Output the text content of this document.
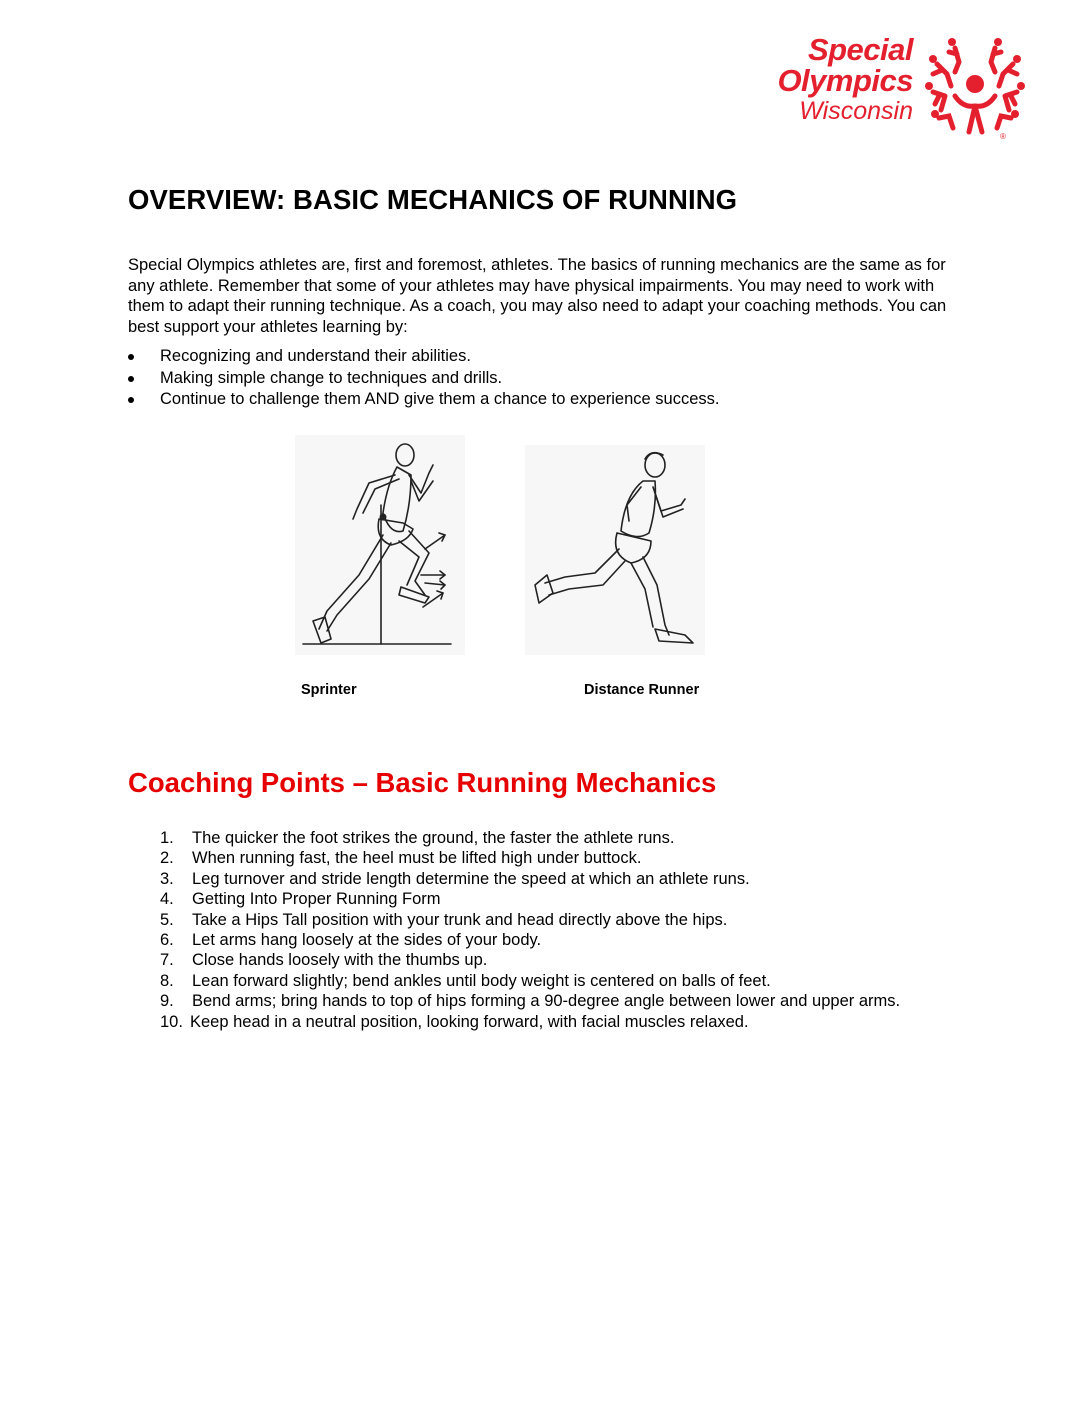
Special
Olympics
Wisconsin
®
OVERVIEW: BASIC MECHANICS OF RUNNING
Special Olympics athletes are, first and foremost, athletes. The basics of running mechanics are the same as for any athlete. Remember that some of your athletes may have physical impairments. You may need to work with them to adapt their running technique. As a coach, you may also need to adapt your coaching methods. You can best support your athletes learning by:
Recognizing and understand their abilities.
Making simple change to techniques and drills.
Continue to challenge them AND give them a chance to experience success.
Sprinter	Distance Runner
Coaching Points – Basic Running Mechanics
1. The quicker the foot strikes the ground, the faster the athlete runs.
2. When running fast, the heel must be lifted high under buttock.
3. Leg turnover and stride length determine the speed at which an athlete runs.
4. Getting Into Proper Running Form
5. Take a Hips Tall position with your trunk and head directly above the hips.
6. Let arms hang loosely at the sides of your body.
7. Close hands loosely with the thumbs up.
8. Lean forward slightly; bend ankles until body weight is centered on balls of feet.
9. Bend arms; bring hands to top of hips forming a 90-degree angle between lower and upper arms.
10. Keep head in a neutral position, looking forward, with facial muscles relaxed.
